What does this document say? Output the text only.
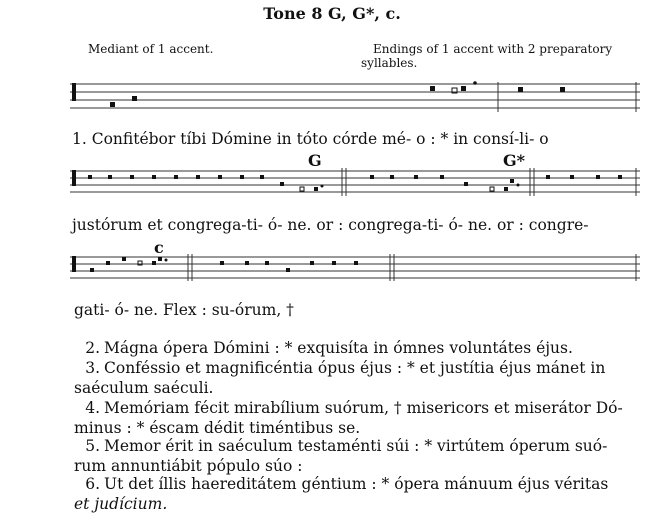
Tone 8 G, G*, c.
Mediant of 1 accent.	Endings of 1 accent with 2 preparatory
syllables.
1. Confitébor tíbi Dómine in tóto córde mé- o : * in consí-li- o
G	G*
justórum et congrega-ti- ó- ne. or : congrega-ti- ó- ne. or : congre-
c
gati- ó- ne. Flex : su-órum, †
2. Mágna ópera Dómini : * exquisíta in ómnes voluntátes éjus.
3. Conféssio et magnificéntia ópus éjus : * et justítia éjus mánet in
saéculum saéculi.
4. Memóriam fécit mirabílium suórum, † misericors et miserátor Dó-
minus : * éscam dédit timéntibus se.
5. Memor érit in saéculum testaménti súi : * virtútem óperum suó-
rum annuntiábit pópulo súo :
6. Ut det íllis haereditátem géntium : * ópera mánuum éjus véritas
et judícium.
